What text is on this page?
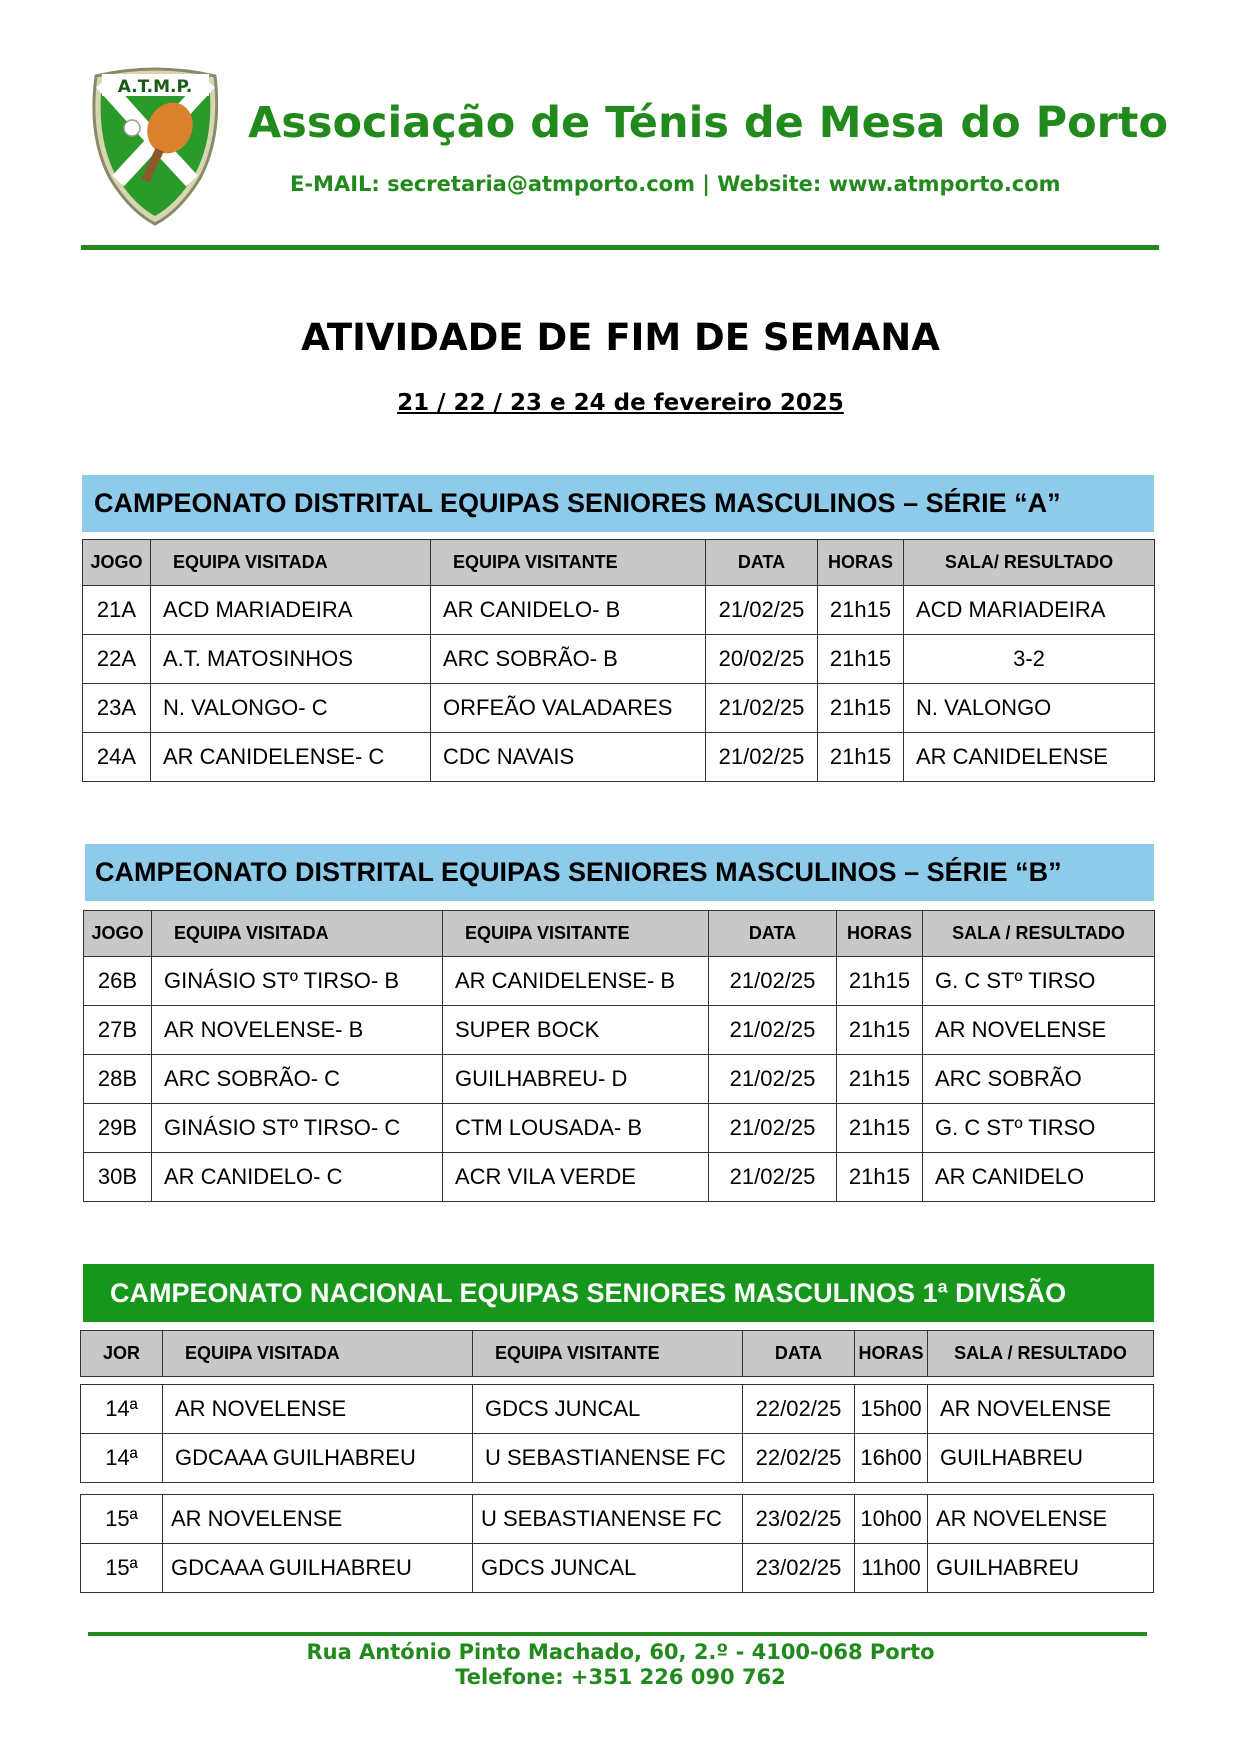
A.T.M.P.
Associação de Ténis de Mesa do Porto
E-MAIL: secretaria@atmporto.com | Website: www.atmporto.com
ATIVIDADE DE FIM DE SEMANA
21 / 22 / 23 e 24 de fevereiro 2025
CAMPEONATO DISTRITAL EQUIPAS SENIORES MASCULINOS – SÉRIE “A”
JOGO	EQUIPA VISITADA	EQUIPA VISITANTE	DATA	HORAS	SALA/ RESULTADO
21A	ACD MARIADEIRA	AR CANIDELO- B	21/02/25	21h15	ACD MARIADEIRA
22A	A.T. MATOSINHOS	ARC SOBRÃO- B	20/02/25	21h15	3-2
23A	N. VALONGO- C	ORFEÃO VALADARES	21/02/25	21h15	N. VALONGO
24A	AR CANIDELENSE- C	CDC NAVAIS	21/02/25	21h15	AR CANIDELENSE
CAMPEONATO DISTRITAL EQUIPAS SENIORES MASCULINOS – SÉRIE “B”
JOGO	EQUIPA VISITADA	EQUIPA VISITANTE	DATA	HORAS	SALA / RESULTADO
26B	GINÁSIO STº TIRSO- B	AR CANIDELENSE- B	21/02/25	21h15	G. C STº TIRSO
27B	AR NOVELENSE- B	SUPER BOCK	21/02/25	21h15	AR NOVELENSE
28B	ARC SOBRÃO- C	GUILHABREU- D	21/02/25	21h15	ARC SOBRÃO
29B	GINÁSIO STº TIRSO- C	CTM LOUSADA- B	21/02/25	21h15	G. C STº TIRSO
30B	AR CANIDELO- C	ACR VILA VERDE	21/02/25	21h15	AR CANIDELO
CAMPEONATO NACIONAL EQUIPAS SENIORES MASCULINOS 1ª DIVISÃO
JOR	EQUIPA VISITADA	EQUIPA VISITANTE	DATA	HORAS	SALA / RESULTADO
14ª	AR NOVELENSE	GDCS JUNCAL	22/02/25	15h00	AR NOVELENSE
14ª	GDCAAA GUILHABREU	U SEBASTIANENSE FC	22/02/25	16h00	GUILHABREU
15ª	AR NOVELENSE	U SEBASTIANENSE FC	23/02/25	10h00	AR NOVELENSE
15ª	GDCAAA GUILHABREU	GDCS JUNCAL	23/02/25	11h00	GUILHABREU
Rua António Pinto Machado, 60, 2.º - 4100-068 Porto
Telefone: +351 226 090 762
